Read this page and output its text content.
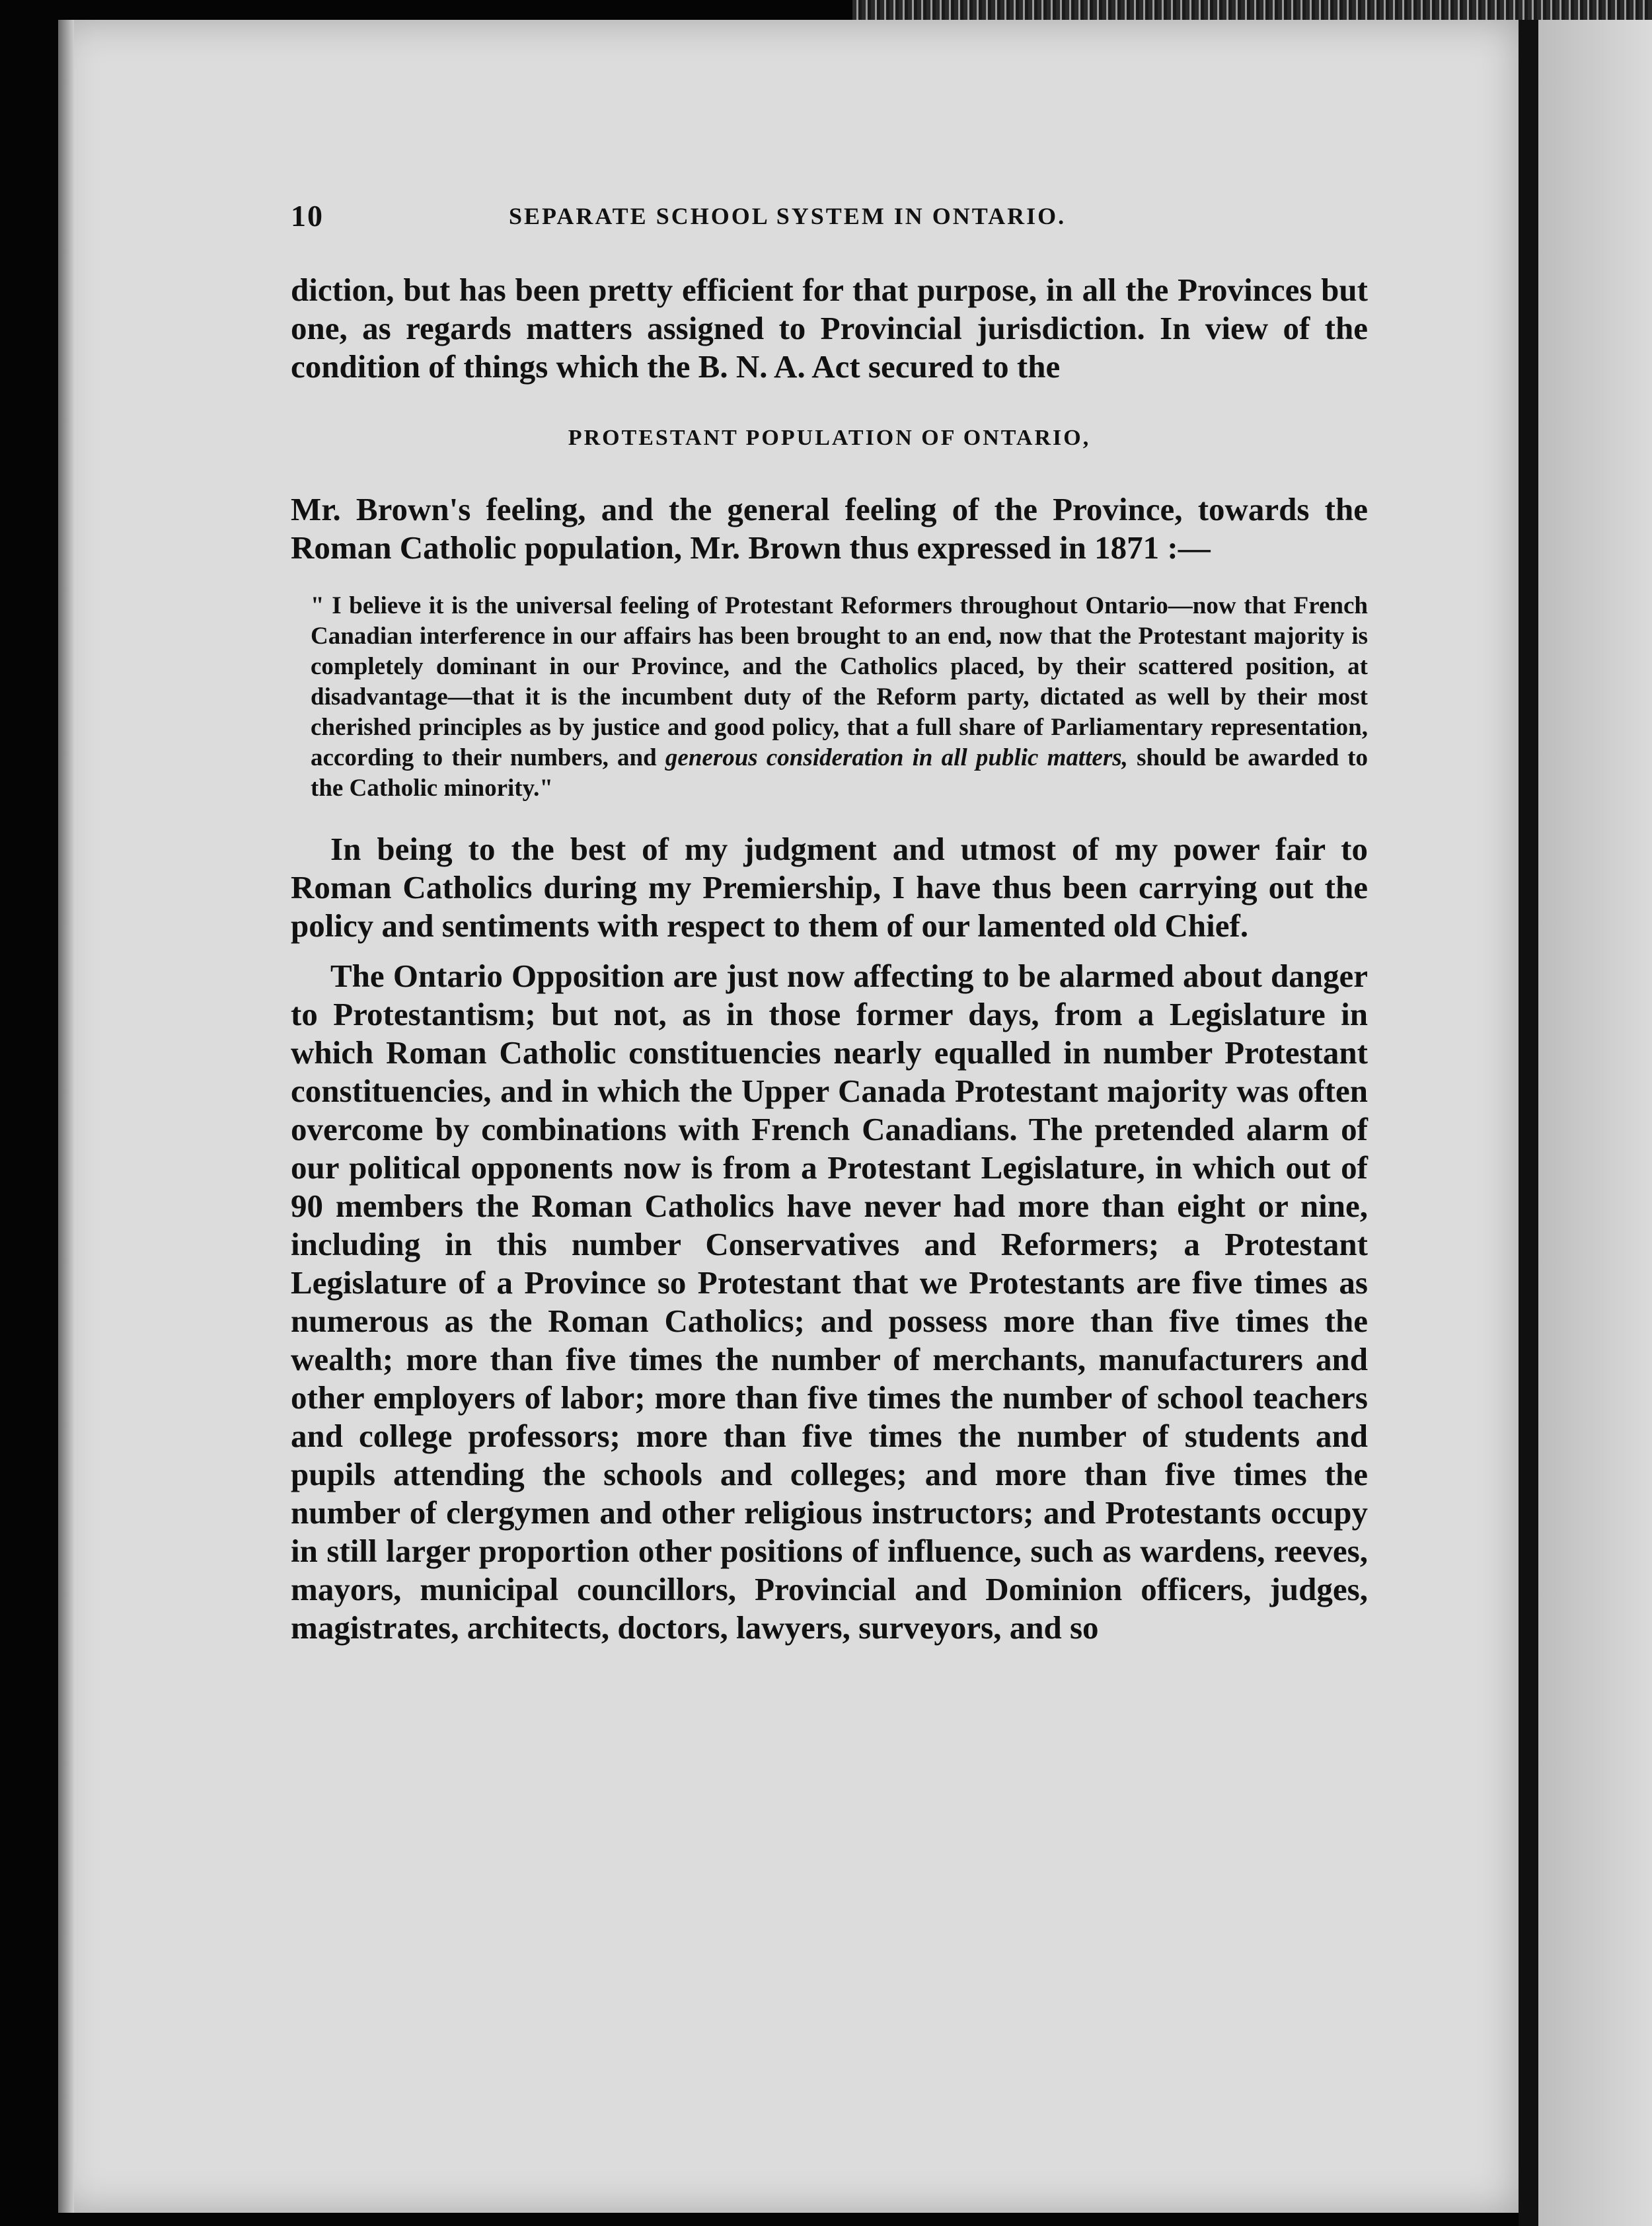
10	SEPARATE SCHOOL SYSTEM IN ONTARIO.

diction, but has been pretty efficient for that purpose, in all the Provinces but one, as regards matters assigned to Provincial jurisdiction. In view of the condition of things which the B. N. A. Act secured to the

PROTESTANT POPULATION OF ONTARIO,

Mr. Brown's feeling, and the general feeling of the Province, towards the Roman Catholic population, Mr. Brown thus expressed in 1871 :—

" I believe it is the universal feeling of Protestant Reformers throughout Ontario—now that French Canadian interference in our affairs has been brought to an end, now that the Protestant majority is completely dominant in our Province, and the Catholics placed, by their scattered position, at disadvantage—that it is the incumbent duty of the Reform party, dictated as well by their most cherished principles as by justice and good policy, that a full share of Parliamentary representation, according to their numbers, and generous consideration in all public matters, should be awarded to the Catholic minority."

In being to the best of my judgment and utmost of my power fair to Roman Catholics during my Premiership, I have thus been carrying out the policy and sentiments with respect to them of our lamented old Chief.

The Ontario Opposition are just now affecting to be alarmed about danger to Protestantism; but not, as in those former days, from a Legislature in which Roman Catholic constituencies nearly equalled in number Protestant constituencies, and in which the Upper Canada Protestant majority was often overcome by combinations with French Canadians. The pretended alarm of our political opponents now is from a Protestant Legislature, in which out of 90 members the Roman Catholics have never had more than eight or nine, including in this number Conservatives and Reformers; a Protestant Legislature of a Province so Protestant that we Protestants are five times as numerous as the Roman Catholics; and possess more than five times the wealth; more than five times the number of merchants, manufacturers and other employers of labor; more than five times the number of school teachers and college professors; more than five times the number of students and pupils attending the schools and colleges; and more than five times the number of clergymen and other religious instructors; and Protestants occupy in still larger proportion other positions of influence, such as wardens, reeves, mayors, municipal councillors, Provincial and Dominion officers, judges, magistrates, architects, doctors, lawyers, surveyors, and so
